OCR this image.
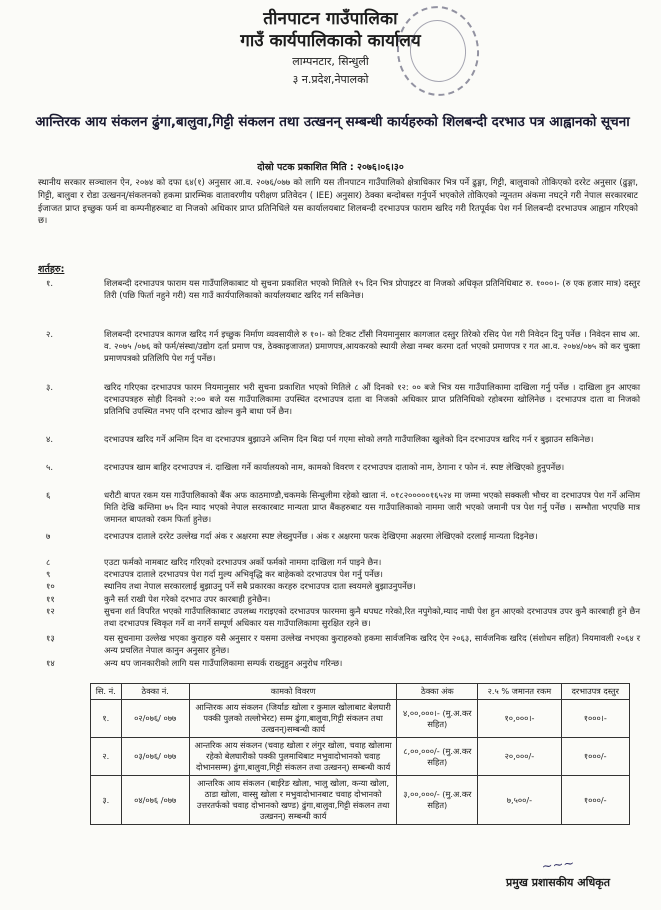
तीनपाटन गाउँपालिका
गाउँ कार्यपालिकाको कार्यालय
लाम्पनटार, सिन्धुली
३ न.प्रदेश,नेपालको
आन्तिरक आय संकलन ढुंगा,बालुवा,गिट्टी संकलन तथा उत्खनन् सम्बन्धी कार्यहरुको शिलबन्दी दरभाउ पत्र आह्वानको सूचना
दोस्रो पटक प्रकाशित मिति : २०७६।०६।३०
स्थानीय सरकार सञ्चालन ऐन, २०७४ को दफा ६४(१) अनुसार आ.व. २०७६/०७७ को लागि यस तीनपाटन गाउँपालिको क्षेत्राधिकार भित्र पर्ने ढुङ्गा, गिट्टी, बालुवाको तोकिएको दररेट अनुसार (ढुङ्गा, गिट्टी, बालुवा र रोडा उत्खनन्/संकलनको हकमा प्रारम्भिक वातावरणीय परीक्षण प्रतिवेदन ( IEE) अनुसार) ठेक्का बन्दोबस्त गर्नुपर्ने भएकोले तोकिएको न्यूनतम अंकमा नघट्ने गरी नेपाल सरकारबाट ईजाजत प्राप्त इच्छुक फर्म वा कम्पनीहरुबाट वा निजको अधिकार प्राप्त प्रतिनिधिले यस कार्यालयबाट शिलबन्दी दरभाउपत्र फाराम खरिद गरी रितपूर्वक पेश गर्न शिलबन्दी दरभाउपत्र आह्वान गरिएको छ।
शर्तहरु:
१.	शिलबन्दी दरभाउपत्र फाराम यस गाउँपालिकाबाट यो सुचना प्रकाशित भएको मितिले १५ दिन भित्र प्रोपाइटर वा निजको अधिकृत प्रतिनिधिबाट रु. १०००।- (रु एक हजार मात्र) दस्तुर तिरी (पछि फिर्ता नहुने गरी) यस गाउँ कार्यपालिकाको कार्यालयबाट खरिद गर्न सकिनेछ।
२.	शिलबन्दी दरभाउपत्र कागज खरिद गर्न इच्छुक निर्माण व्यवसायीले रु १०।- को टिकट टाँसी नियमानुसार कागजात दस्तुर तिरेको रसिद पेश गरी निवेदन दिनु पर्नेछ । निवेदन साथ आ. व. २०७५ /०७६ को फर्म/संस्था/उद्योग दर्ता प्रमाण पत्र, ठेक्काइजाजत) प्रमाणपत्र,आयकरको स्थायी लेखा नम्बर करमा दर्ता भएको प्रमाणपत्र र गत आ.व. २०७४/०७५ को कर चुक्ता प्रमाणपत्रको प्रतिलिपि पेश गर्नु पर्नेछ।
३.	खरिद गरिएका दरभाउपत्र फारम नियमानुसार भरी सुचना प्रकाशित भएको मितिले ८ औं दिनको १२: ०० बजे भित्र यस गाउँपालिकामा दाखिला गर्नु पर्नेछ । दाखिला हुन आएका दरभाउपत्रहरु सोही दिनको २:०० बजे यस गाउँपालिकामा उपस्थित दरभाउपत्र दाता वा निजको अधिकार प्राप्त प्रतिनिधिको रहोबरमा खोलिनेछ । दरभाउपत्र दाता वा निजको प्रतिनिधि उपस्थित नभए पनि दरभाउ खोल्न कुनै बाधा पर्ने छैन।
४.	दरभाउपत्र खरिद गर्ने अन्तिम दिन वा दरभाउपत्र बुझाउने अन्तिम दिन बिदा पर्न गएमा सोको लगतै गाउँपालिका खुलेको दिन दरभाउपत्र खरिद गर्न र बुझाउन सकिनेछ।
५.	दरभाउपत्र खाम बाहिर दरभाउपत्र नं. दाखिला गर्ने कार्यालयको नाम, कामको विवरण र दरभाउपत्र दाताको नाम, ठेगाना र फोन नं. स्पष्ट लेखिएको हुनुपर्नेछ।
६	धरौटी बापत रकम यस गाउँपालिकाको बैंक अफ काठमाण्डौ,चकमके सिन्धुलीमा रहेको खाता नं. ०१८२०००००१६५२४ मा जम्मा भएको सक्कली भौचर वा दरभाउपत्र पेश गर्ने अन्तिम मिति देखि कम्तिमा ७५ दिन म्याद भएको नेपाल सरकारबाट मान्यता प्राप्त बैंकहरुबाट यस गाउँपालिकाको नाममा जारी भएको जमानी पत्र पेश गर्नु पर्नेछ । सम्भौता भएपछि मात्र जमानत बापतको रकम फिर्ता हुनेछ।
७	दरभाउपत्र दाताले दररेट उल्लेख गर्दा अंक र अक्षरमा स्पष्ट लेख्नुपर्नेछ । अंक र अक्षरमा फरक देखिएमा अक्षरमा लेखिएको दरलाई मान्यता दिइनेछ।
८	एउटा फर्मको नामबाट खरिद गरिएको दरभाउपत्र अर्को फर्मको नाममा दाखिला गर्न पाइने छैन।
९	दरभाउपत्र दाताले दरभाउपत्र पेश गर्दा मुल्य अभिवृद्धि कर बाहेकको दरभाउपत्र पेश गर्नु पर्नेछ।
१०	स्थानिय तथा नेपाल सरकारलाई बुझाउनु पर्ने सबै प्रकारका करहरु दरभाउपत्र दाता स्वयमले बुझाउनुपर्नेछ।
११	कुनै सर्त राखी पेश गरेको दरभाउ उपर कारबाही हुनेछैन।
१२	सुचना शर्त विपरित भएको गाउँपालिकाबाट उपलब्ध गराइएको दरभाउपत्र फारममा कुनै थपघट गरेको,रित नपुगेको,म्याद नाघी पेश हुन आएको दरभाउपत्र उपर कुनै कारबाही हुने छैन तथा दरभाउपत्र स्विकृत गर्ने वा नगर्ने सम्पूर्ण अधिकार यस गाउँपालिकामा सुरक्षित रहने छ।
१३	यस सुचनामा उल्लेख भएका कुराहरु यसै अनुसार र यसमा उल्लेख नभएका कुराहरुको हकमा सार्वजनिक खरिद ऐन २०६३, सार्वजनिक खरिद (संशोधन सहित) नियमावली २०६४ र अन्य प्रचलित नेपाल कानुन अनुसार हुनेछ।
१४	अन्य थप जानकारीको लागि यस गाउँपालिकामा सम्पर्क राख्नुहुन अनुरोध गरिन्छ।
सि. नं.	ठेक्का नं.	कामको विवरण	ठेक्का अंक	२.५ % जमानत रकम	दरभाउपत्र दस्तुर
१.	०२/०७६/ ०७७	आन्तिरक आय संकलन (जिर्याङ खोला र कुमाल खोलाबाट बेलघारी पक्की पुलको तल्लोभेरट) सम्म ढुंगा,बालुवा,गिट्टी संकलन तथा उत्खनन्)सम्बन्धी कार्य	४,००,०००।- (मु.अ.कर सहित)	१०,०००।-	१०००।-
२.	०३/०७६/ ०७७	आन्तरिक आय संकलन (चवाह खोला र लंगुर खोला, चवाह खोलामा रहेको बेलघारीको पक्की पुलमाथिबाट मभुवादोभानको चवाह दोभानसम्म) ढुंगा,बालुवा,गिट्टी संकलन तथा उत्खनन्) सम्बन्धी कार्य	८,००,०००/- (मु.अ.कर सहित)	२०,०००/-	१०००/-
३.	०४/०७६ /०७७	आन्तरिक आय संकलन (बाईरेङ खोला, भालु खोला, कन्या खोला, ठाडा खोला, वास्सु खोला र मभुवादोभानबाट चवाह दोभानको उत्तरतर्फको चवाह दोभानको खण्ड) ढुंगा,बालुवा,गिट्टी संकलन तथा उत्खनन्) सम्बन्धी कार्य	३,००,०००/- (मु.अ.कर सहित)	७,५००/-	१०००/-
~~~
प्रमुख प्रशासकीय अधिकृत
